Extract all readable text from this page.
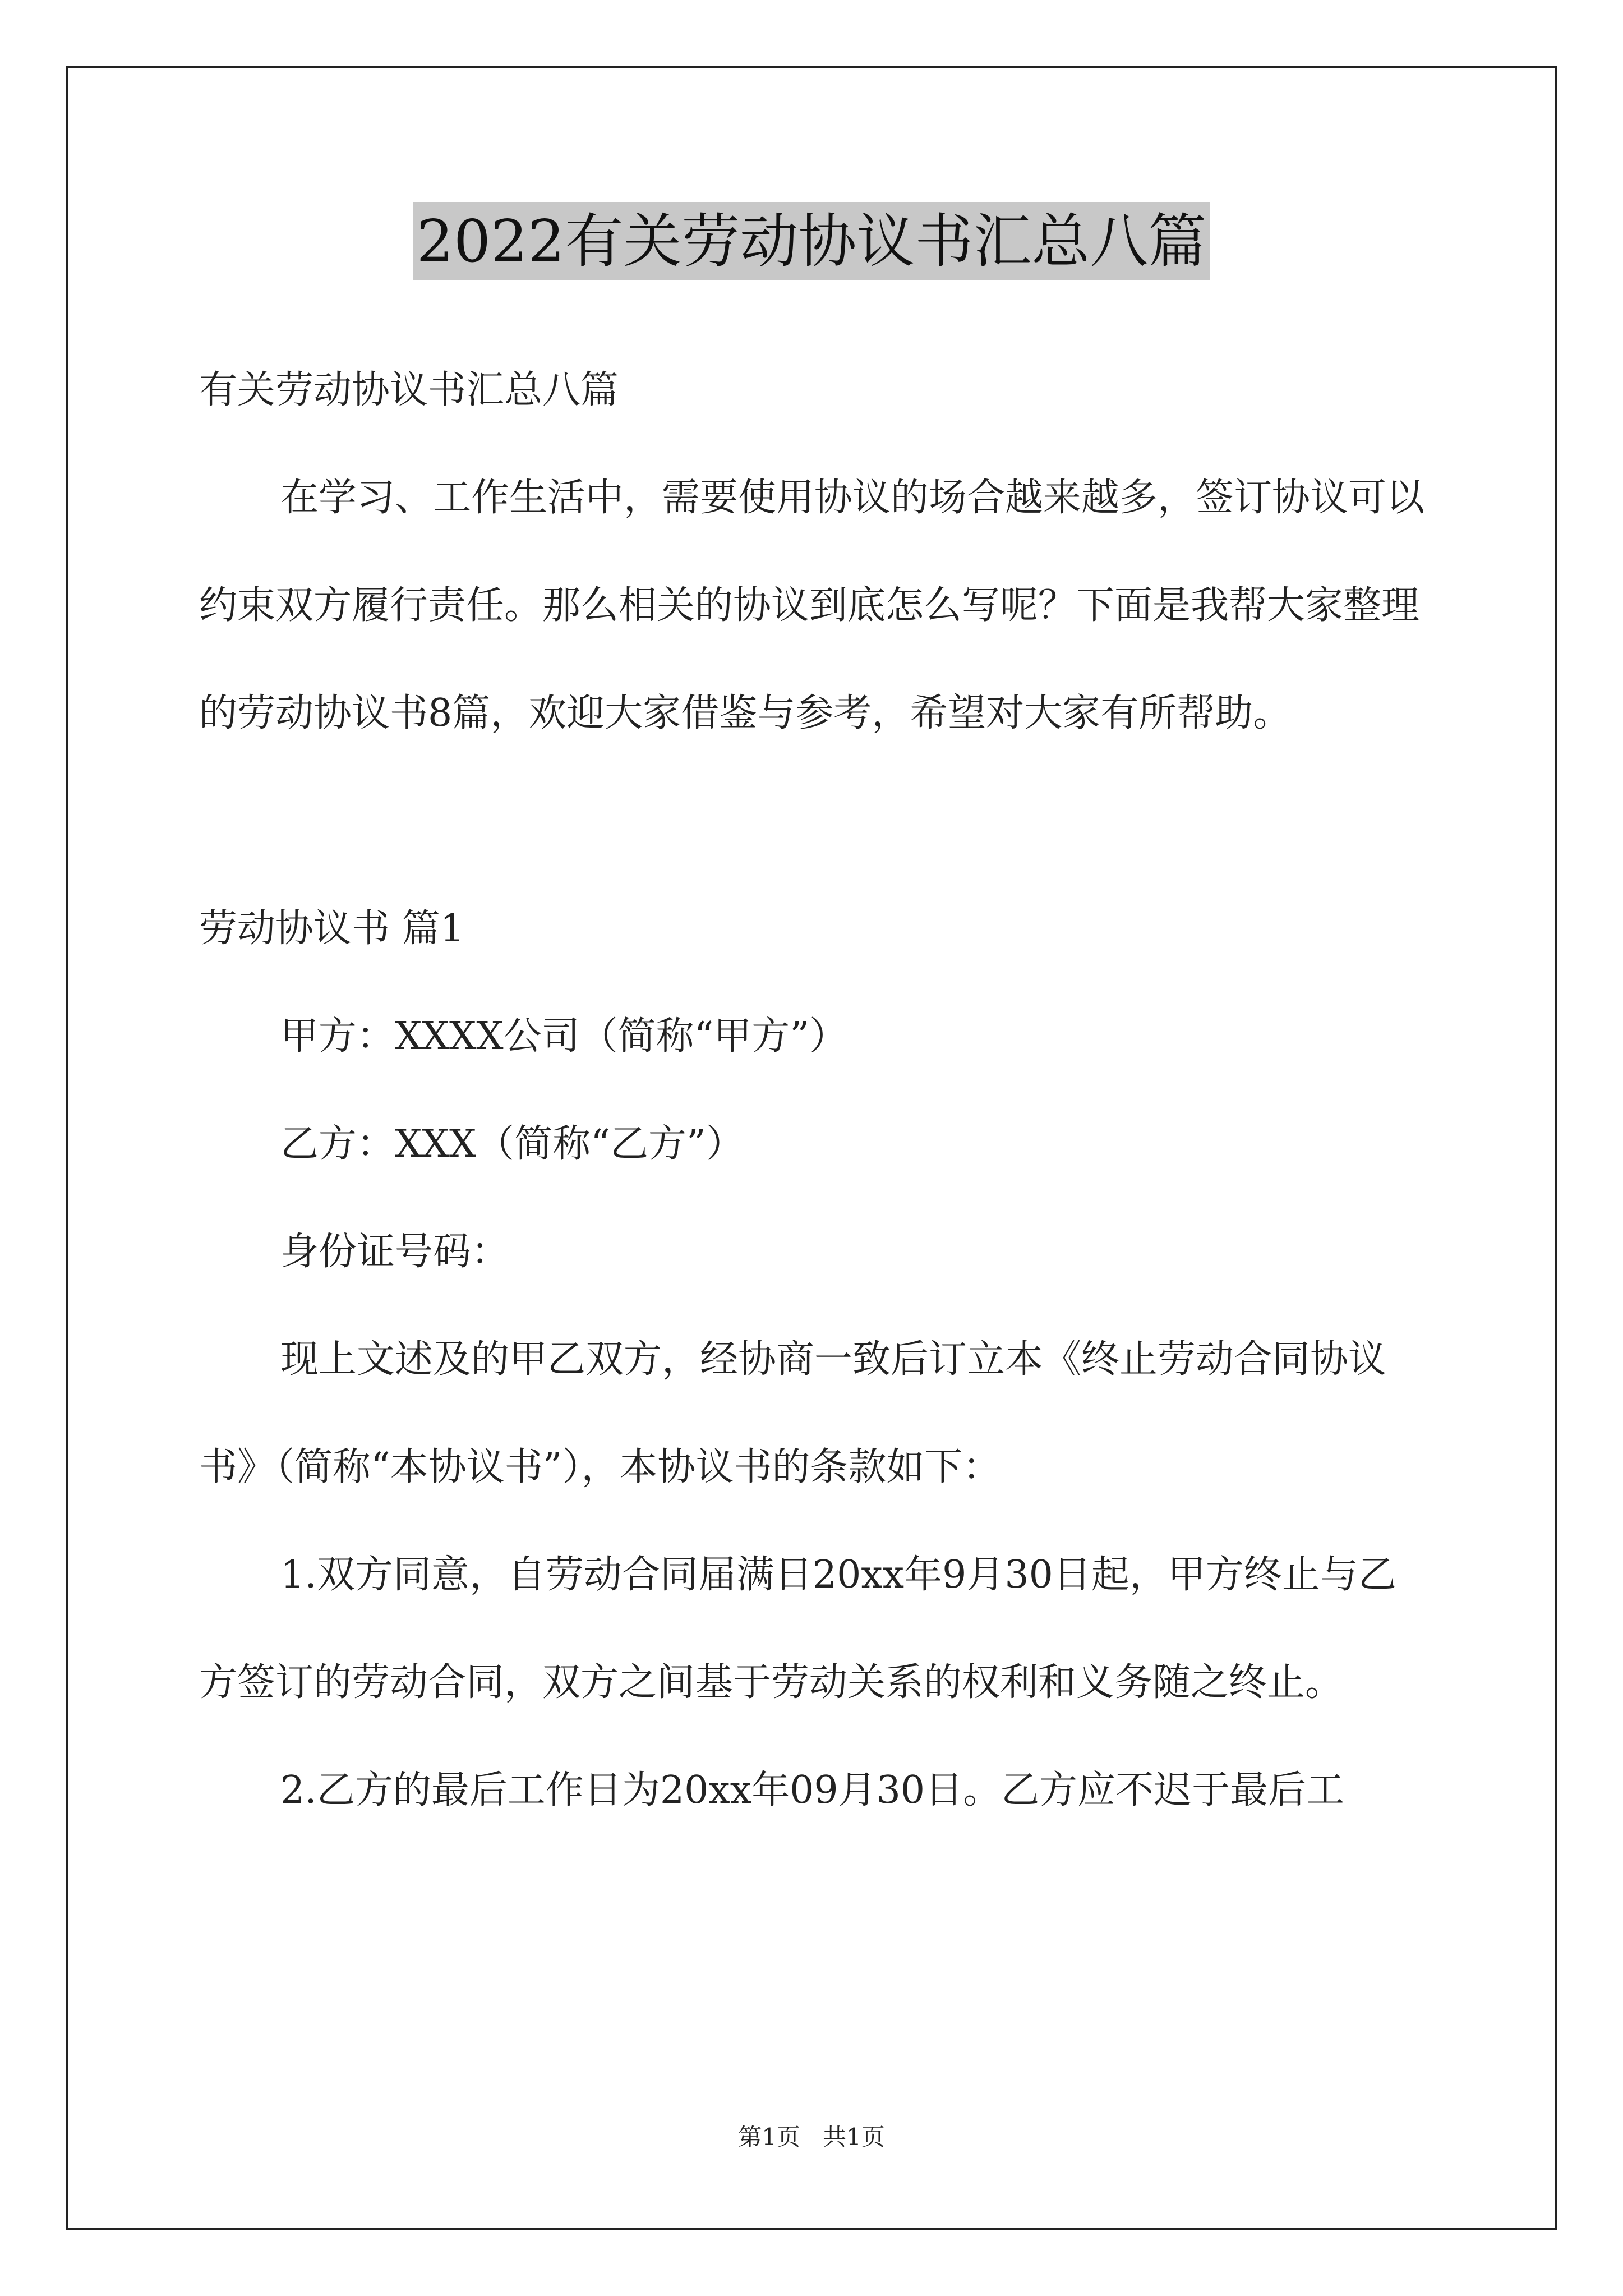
2022有关劳动协议书汇总八篇

有关劳动协议书汇总八篇

在学习、工作生活中，需要使用协议的场合越来越多，签订协议可以约束双方履行责任。那么相关的协议到底怎么写呢？下面是我帮大家整理的劳动协议书8篇，欢迎大家借鉴与参考，希望对大家有所帮助。

劳动协议书 篇1

甲方：XXXX公司（简称“甲方”）

乙方：XXX（简称“乙方”）

身份证号码：

现上文述及的甲乙双方，经协商一致后订立本《终止劳动合同协议书》（简称“本协议书”），本协议书的条款如下：

1.双方同意，自劳动合同届满日20xx年9月30日起，甲方终止与乙方签订的劳动合同，双方之间基于劳动关系的权利和义务随之终止。

2.乙方的最后工作日为20xx年09月30日。乙方应不迟于最后工

第1页   共1页
